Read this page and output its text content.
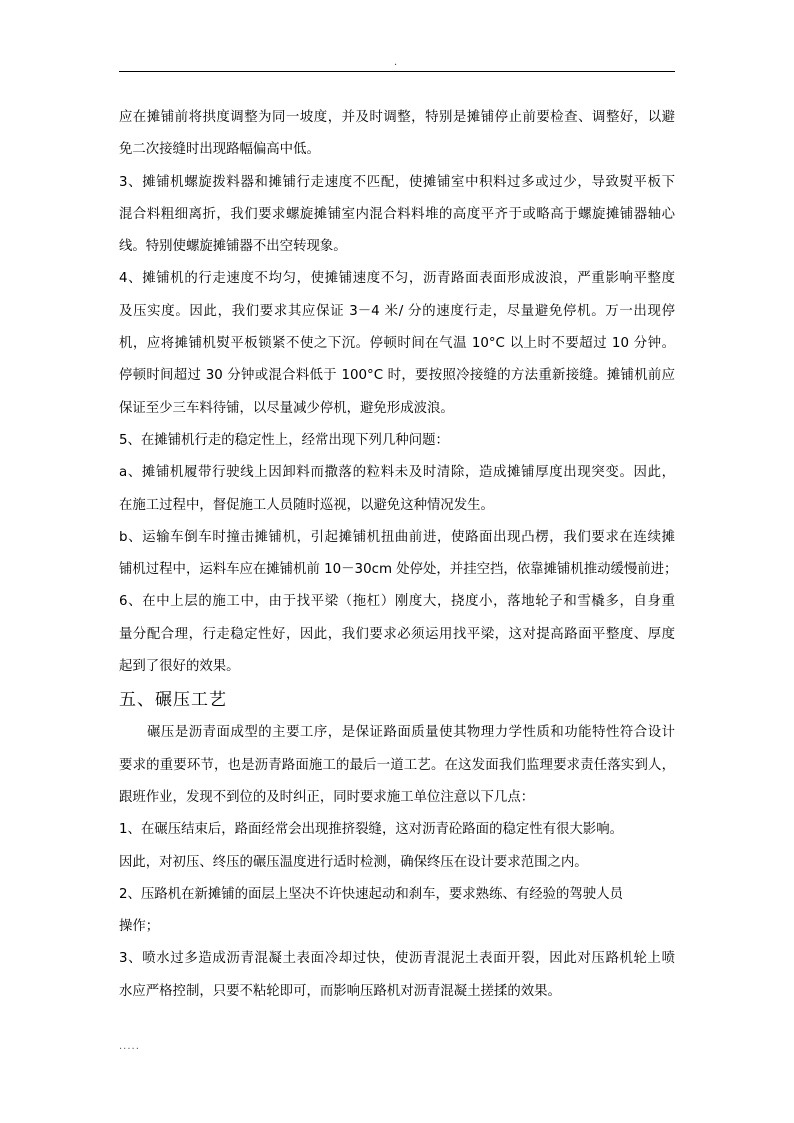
.
应在摊铺前将拱度调整为同一坡度，并及时调整，特别是摊铺停止前要检查、调整好，以避
免二次接缝时出现路幅偏高中低。
3、摊铺机螺旋拨料器和摊铺行走速度不匹配，使摊铺室中积料过多或过少，导致熨平板下
混合料粗细离折，我们要求螺旋摊铺室内混合料料堆的高度平齐于或略高于螺旋摊铺器轴心
线。特别使螺旋摊铺器不出空转现象。
4、摊铺机的行走速度不均匀，使摊铺速度不匀，沥青路面表面形成波浪，严重影响平整度
及压实度。因此，我们要求其应保证 3－4 米/ 分的速度行走，尽量避免停机。万一出现停
机，应将摊铺机熨平板锁紧不使之下沉。停顿时间在气温 10°C 以上时不要超过 10 分钟。
停顿时间超过 30 分钟或混合料低于 100°C 时，要按照冷接缝的方法重新接缝。摊铺机前应
保证至少三车料待铺，以尽量减少停机，避免形成波浪。
5、在摊铺机行走的稳定性上，经常出现下列几种问题：
a、摊铺机履带行驶线上因卸料而撒落的粒料未及时清除，造成摊铺厚度出现突变。因此，
在施工过程中，督促施工人员随时巡视，以避免这种情况发生。
b、运输车倒车时撞击摊铺机，引起摊铺机扭曲前进，使路面出现凸楞，我们要求在连续摊
铺机过程中，运料车应在摊铺机前 10－30cm 处停处，并挂空挡，依靠摊铺机推动缓慢前进；
6、在中上层的施工中，由于找平梁（拖杠）刚度大，挠度小，落地轮子和雪橇多，自身重
量分配合理，行走稳定性好，因此，我们要求必须运用找平梁，这对提高路面平整度、厚度
起到了很好的效果。
五、碾压工艺
碾压是沥青面成型的主要工序，是保证路面质量使其物理力学性质和功能特性符合设计
要求的重要环节，也是沥青路面施工的最后一道工艺。在这发面我们监理要求责任落实到人，
跟班作业，发现不到位的及时纠正，同时要求施工单位注意以下几点：
1、在碾压结束后，路面经常会出现推挤裂缝，这对沥青砼路面的稳定性有很大影响。
因此，对初压、终压的碾压温度进行适时检测，确保终压在设计要求范围之内。
2、压路机在新摊铺的面层上坚决不许快速起动和刹车，要求熟练、有经验的驾驶人员
操作；
3、喷水过多造成沥青混凝土表面冷却过快，使沥青混泥土表面开裂，因此对压路机轮上喷
水应严格控制，只要不粘轮即可，而影响压路机对沥青混凝土搓揉的效果。
.....
